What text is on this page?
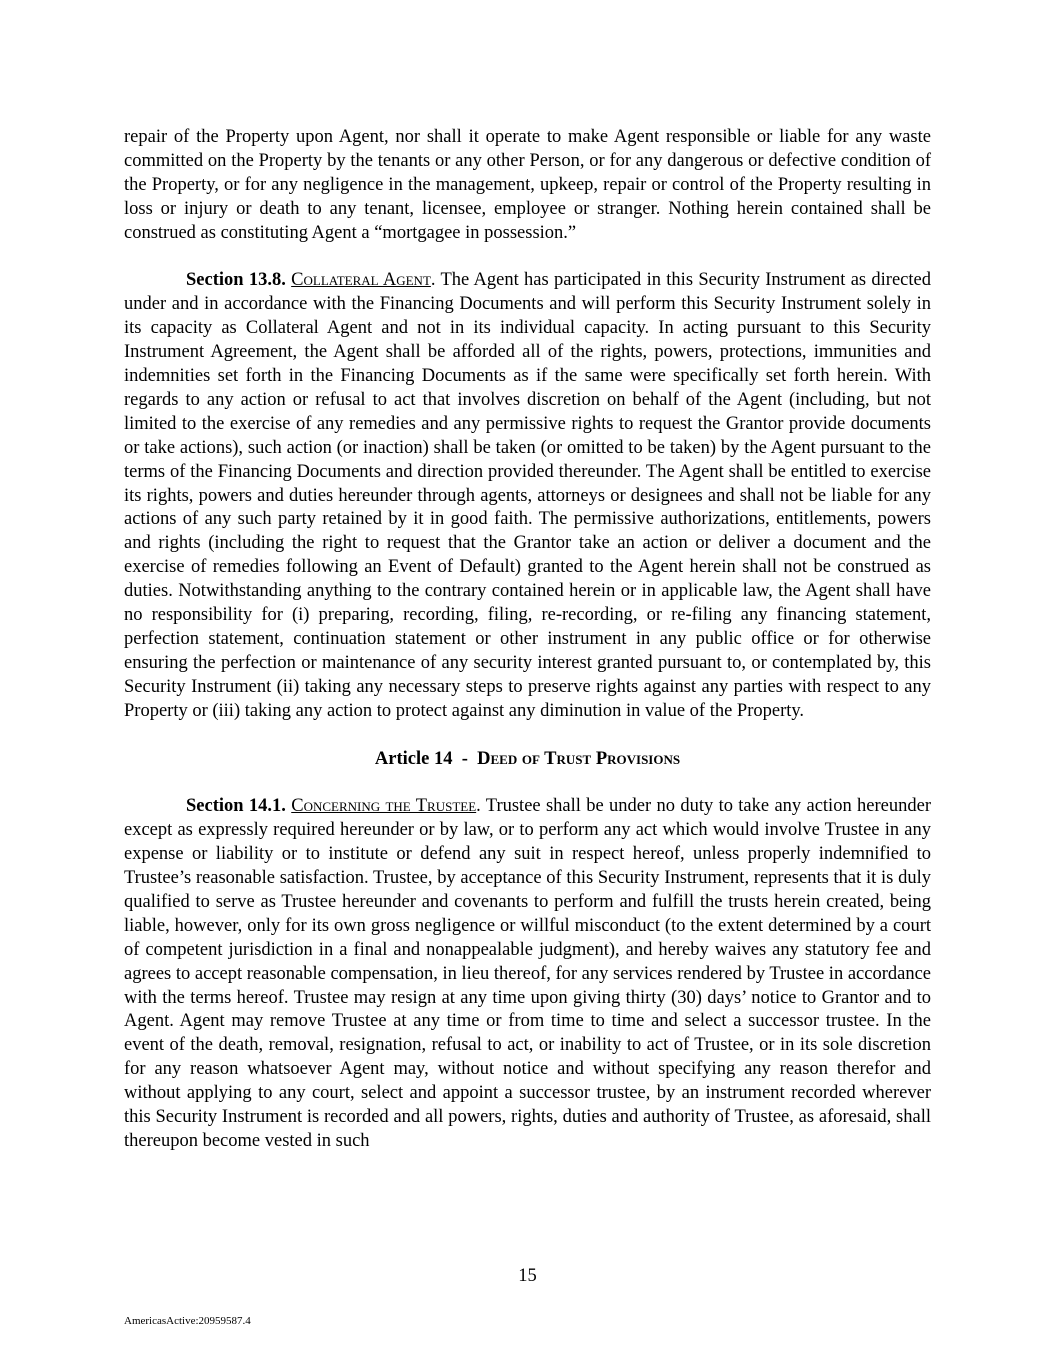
repair of the Property upon Agent, nor shall it operate to make Agent responsible or liable for any waste committed on the Property by the tenants or any other Person, or for any dangerous or defective condition of the Property, or for any negligence in the management, upkeep, repair or control of the Property resulting in loss or injury or death to any tenant, licensee, employee or stranger. Nothing herein contained shall be construed as constituting Agent a “mortgagee in possession.”

Section 13.8. Collateral Agent. The Agent has participated in this Security Instrument as directed under and in accordance with the Financing Documents and will perform this Security Instrument solely in its capacity as Collateral Agent and not in its individual capacity. In acting pursuant to this Security Instrument Agreement, the Agent shall be afforded all of the rights, powers, protections, immunities and indemnities set forth in the Financing Documents as if the same were specifically set forth herein. With regards to any action or refusal to act that involves discretion on behalf of the Agent (including, but not limited to the exercise of any remedies and any permissive rights to request the Grantor provide documents or take actions), such action (or inaction) shall be taken (or omitted to be taken) by the Agent pursuant to the terms of the Financing Documents and direction provided thereunder. The Agent shall be entitled to exercise its rights, powers and duties hereunder through agents, attorneys or designees and shall not be liable for any actions of any such party retained by it in good faith. The permissive authorizations, entitlements, powers and rights (including the right to request that the Grantor take an action or deliver a document and the exercise of remedies following an Event of Default) granted to the Agent herein shall not be construed as duties. Notwithstanding anything to the contrary contained herein or in applicable law, the Agent shall have no responsibility for (i) preparing, recording, filing, re-recording, or re-filing any financing statement, perfection statement, continuation statement or other instrument in any public office or for otherwise ensuring the perfection or maintenance of any security interest granted pursuant to, or contemplated by, this Security Instrument (ii) taking any necessary steps to preserve rights against any parties with respect to any Property or (iii) taking any action to protect against any diminution in value of the Property.

Article 14  -  Deed of Trust Provisions

Section 14.1. Concerning the Trustee. Trustee shall be under no duty to take any action hereunder except as expressly required hereunder or by law, or to perform any act which would involve Trustee in any expense or liability or to institute or defend any suit in respect hereof, unless properly indemnified to Trustee’s reasonable satisfaction. Trustee, by acceptance of this Security Instrument, represents that it is duly qualified to serve as Trustee hereunder and covenants to perform and fulfill the trusts herein created, being liable, however, only for its own gross negligence or willful misconduct (to the extent determined by a court of competent jurisdiction in a final and nonappealable judgment), and hereby waives any statutory fee and agrees to accept reasonable compensation, in lieu thereof, for any services rendered by Trustee in accordance with the terms hereof. Trustee may resign at any time upon giving thirty (30) days’ notice to Grantor and to Agent. Agent may remove Trustee at any time or from time to time and select a successor trustee. In the event of the death, removal, resignation, refusal to act, or inability to act of Trustee, or in its sole discretion for any reason whatsoever Agent may, without notice and without specifying any reason therefor and without applying to any court, select and appoint a successor trustee, by an instrument recorded wherever this Security Instrument is recorded and all powers, rights, duties and authority of Trustee, as aforesaid, shall thereupon become vested in such

15
AmericasActive:20959587.4
